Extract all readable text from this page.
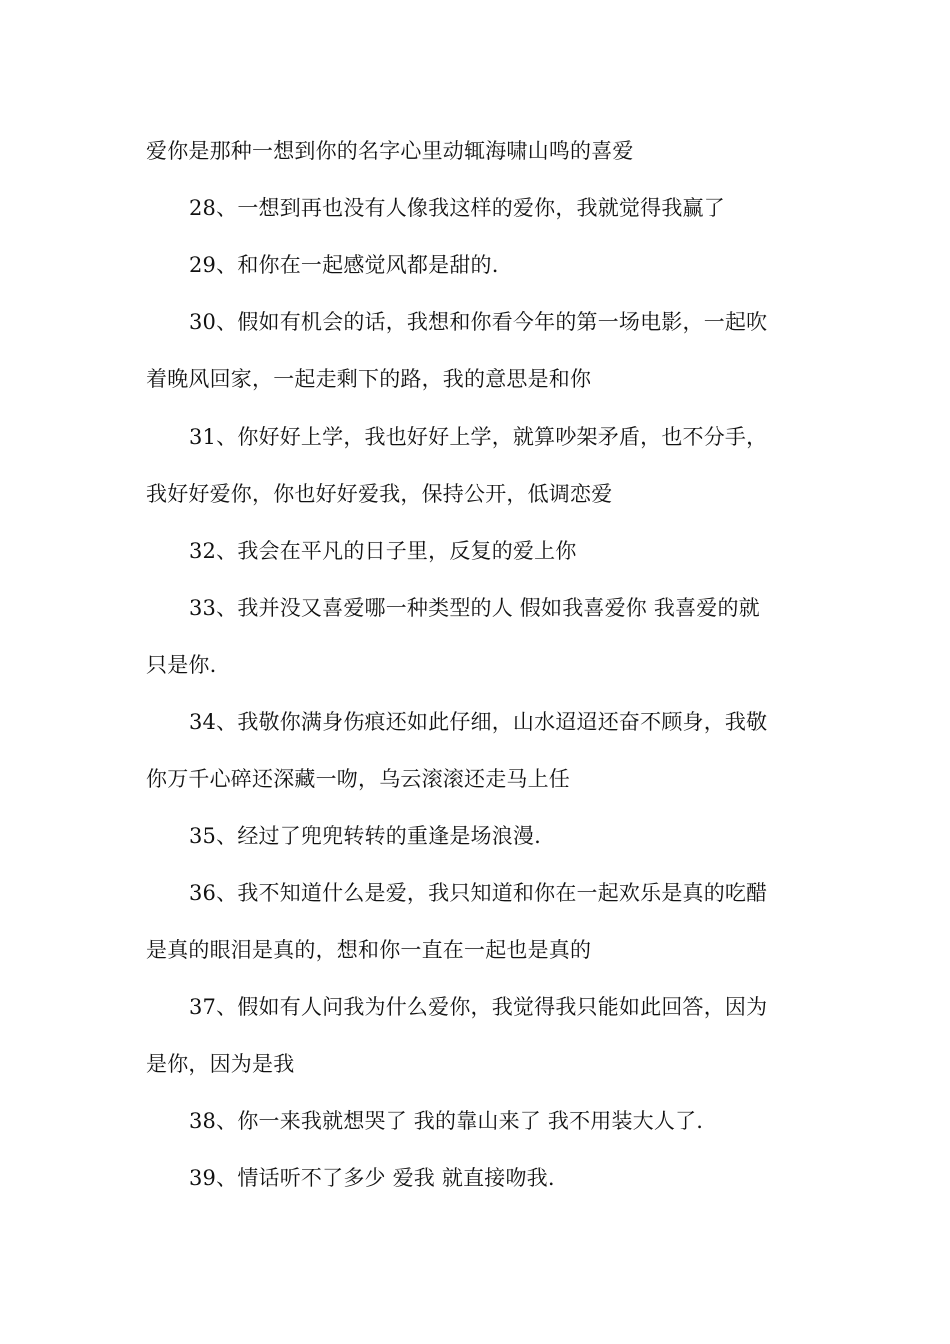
爱你是那种一想到你的名字心里动辄海啸山鸣的喜爱
28、一想到再也没有人像我这样的爱你，我就觉得我赢了
29、和你在一起感觉风都是甜的.
30、假如有机会的话，我想和你看今年的第一场电影，一起吹
着晚风回家，一起走剩下的路，我的意思是和你
31、你好好上学，我也好好上学，就算吵架矛盾，也不分手，
我好好爱你，你也好好爱我，保持公开，低调恋爱
32、我会在平凡的日子里，反复的爱上你
33、我并没又喜爱哪一种类型的人 假如我喜爱你 我喜爱的就
只是你.
34、我敬你满身伤痕还如此仔细，山水迢迢还奋不顾身，我敬
你万千心碎还深藏一吻，乌云滚滚还走马上任
35、经过了兜兜转转的重逢是场浪漫.
36、我不知道什么是爱，我只知道和你在一起欢乐是真的吃醋
是真的眼泪是真的，想和你一直在一起也是真的
37、假如有人问我为什么爱你，我觉得我只能如此回答，因为
是你，因为是我
38、你一来我就想哭了 我的靠山来了 我不用装大人了.
39、情话听不了多少 爱我 就直接吻我.
